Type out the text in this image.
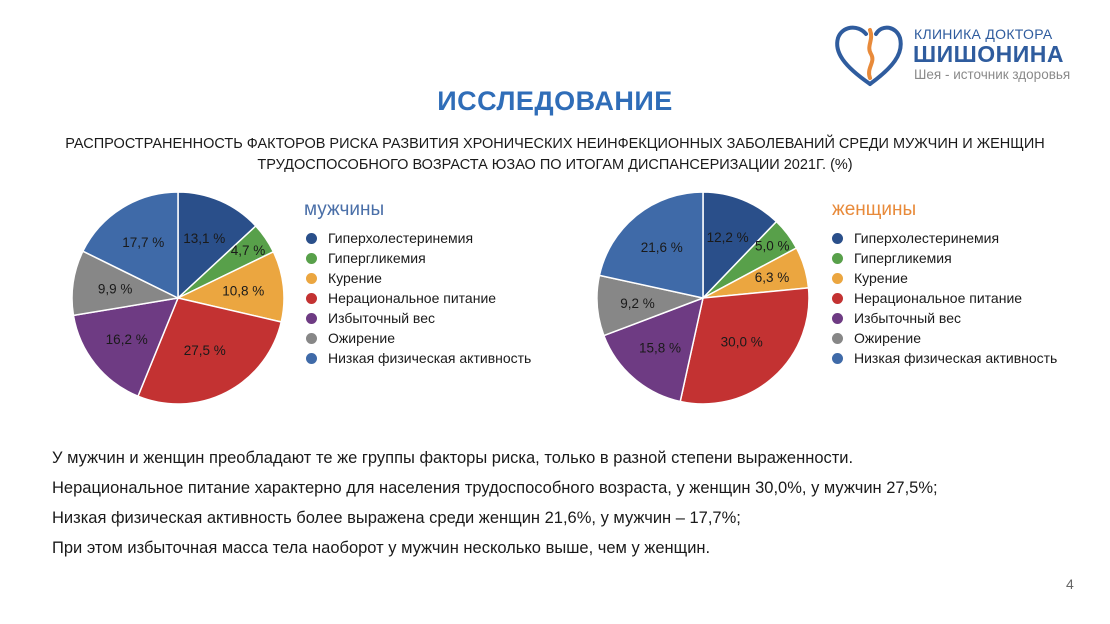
КЛИНИКА ДОКТОРА
ШИШОНИНА
Шея - источник здоровья
ИССЛЕДОВАНИЕ
РАСПРОСТРАНЕННОСТЬ ФАКТОРОВ РИСКА РАЗВИТИЯ ХРОНИЧЕСКИХ НЕИНФЕКЦИОННЫХ ЗАБОЛЕВАНИЙ СРЕДИ МУЖЧИН И ЖЕНЩИН
ТРУДОСПОСОБНОГО ВОЗРАСТА ЮЗАО ПО ИТОГАМ ДИСПАНСЕРИЗАЦИИ 2021Г. (%)
13,1 %
4,7 %
10,8 %
27,5 %
16,2 %
9,9 %
17,7 %	12,2 %
5,0 %
6,3 %
30,0 %
15,8 %
9,2 %
21,6 %
мужчины	женщины
Гиперхолестеринемия
Гипергликемия
Курение
Нерациональное питание
Избыточный вес
Ожирение
Низкая физическая активность
Гиперхолестеринемия
Гипергликемия
Курение
Нерациональное питание
Избыточный вес
Ожирение
Низкая физическая активность

У мужчин и женщин преобладают те же группы факторы риска, только в разной степени выраженности.

Нерациональное питание характерно для населения трудоспособного возраста, у женщин 30,0%, у мужчин 27,5%;

Низкая физическая активность более выражена среди женщин 21,6%, у мужчин – 17,7%;

При этом избыточная масса тела наоборот у мужчин несколько выше, чем у женщин.

4
